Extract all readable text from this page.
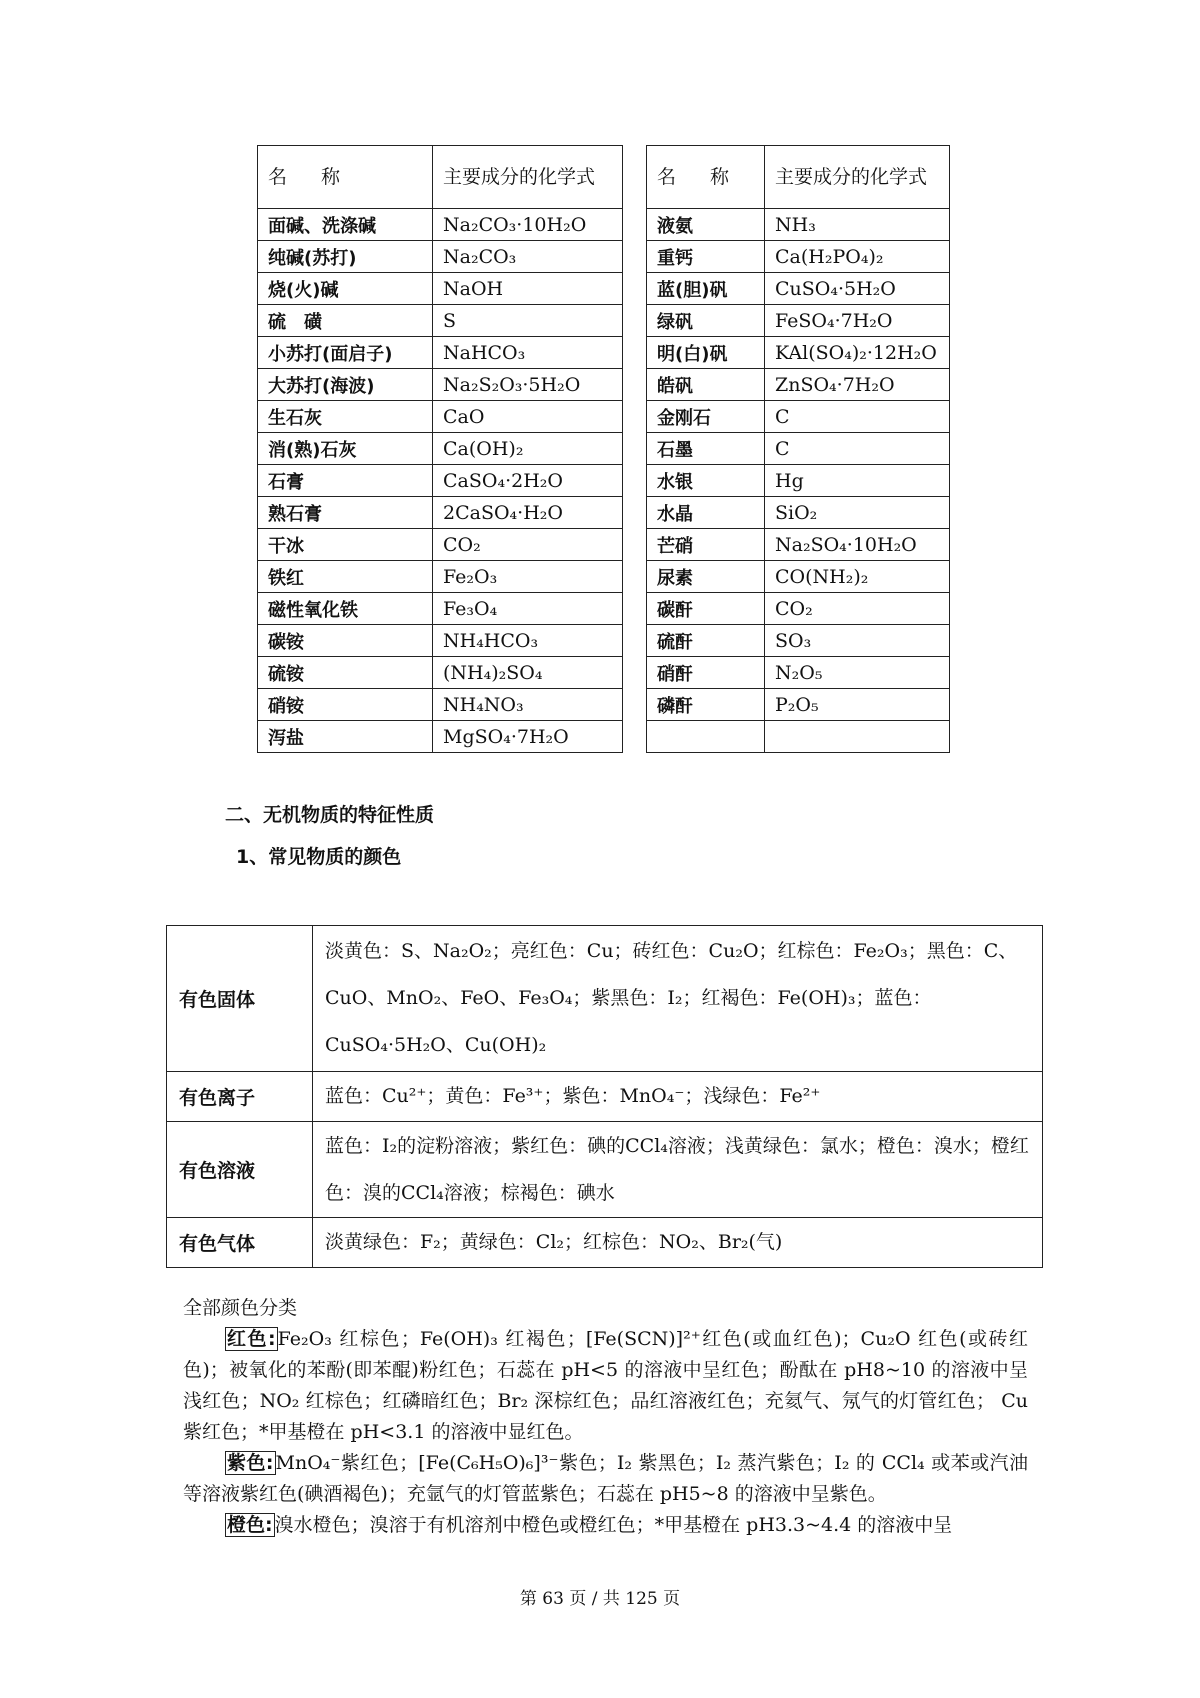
名 称	主要成分的化学式		名 称	主要成分的化学式
面碱、洗涤碱	Na₂CO₃·10H₂O		液氨	NH₃
纯碱(苏打)	Na₂CO₃		重钙	Ca(H₂PO₄)₂
烧(火)碱	NaOH		蓝(胆)矾	CuSO₄·5H₂O
硫　磺	S		绿矾	FeSO₄·7H₂O
小苏打(面启子)	NaHCO₃		明(白)矾	KAl(SO₄)₂·12H₂O
大苏打(海波)	Na₂S₂O₃·5H₂O		皓矾	ZnSO₄·7H₂O
生石灰	CaO		金刚石	C
消(熟)石灰	Ca(OH)₂		石墨	C
石膏	CaSO₄·2H₂O		水银	Hg
熟石膏	2CaSO₄·H₂O		水晶	SiO₂
干冰	CO₂		芒硝	Na₂SO₄·10H₂O
铁红	Fe₂O₃		尿素	CO(NH₂)₂
磁性氧化铁	Fe₃O₄		碳酐	CO₂
碳铵	NH₄HCO₃		硫酐	SO₃
硫铵	(NH₄)₂SO₄		硝酐	N₂O₅
硝铵	NH₄NO₃		磷酐	P₂O₅
泻盐	MgSO₄·7H₂O			
二、无机物质的特征性质
1、常见物质的颜色
有色固体	淡黄色：S、Na₂O₂；亮红色：Cu；砖红色：Cu₂O；红棕色：Fe₂O₃；黑色：C、CuO、MnO₂、FeO、Fe₃O₄；紫黑色：I₂；红褐色：Fe(OH)₃；蓝色：CuSO₄·5H₂O、Cu(OH)₂
有色离子	蓝色：Cu²⁺；黄色：Fe³⁺；紫色：MnO₄⁻；浅绿色：Fe²⁺
有色溶液	蓝色：I₂的淀粉溶液；紫红色：碘的CCl₄溶液；浅黄绿色：氯水；橙色：溴水；橙红色：溴的CCl₄溶液；棕褐色：碘水
有色气体	淡黄绿色：F₂；黄绿色：Cl₂；红棕色：NO₂、Br₂(气)

全部颜色分类

红色: Fe₂O₃ 红棕色；Fe(OH)₃ 红褐色；[Fe(SCN)]²⁺红色(或血红色)；Cu₂O 红色(或砖红色)；被氧化的苯酚(即苯醌)粉红色；石蕊在 pH<5 的溶液中呈红色；酚酞在 pH8~10 的溶液中呈浅红色；NO₂ 红棕色；红磷暗红色；Br₂ 深棕红色；品红溶液红色；充氦气、氖气的灯管红色； Cu 紫红色；*甲基橙在 pH<3.1 的溶液中显红色。

紫色: MnO₄⁻紫红色；[Fe(C₆H₅O)₆]³⁻紫色；I₂ 紫黑色；I₂ 蒸汽紫色；I₂ 的 CCl₄ 或苯或汽油等溶液紫红色(碘酒褐色)；充氩气的灯管蓝紫色；石蕊在 pH5~8 的溶液中呈紫色。

橙色: 溴水橙色；溴溶于有机溶剂中橙色或橙红色；*甲基橙在 pH3.3~4.4 的溶液中呈

第 63 页 / 共 125 页
